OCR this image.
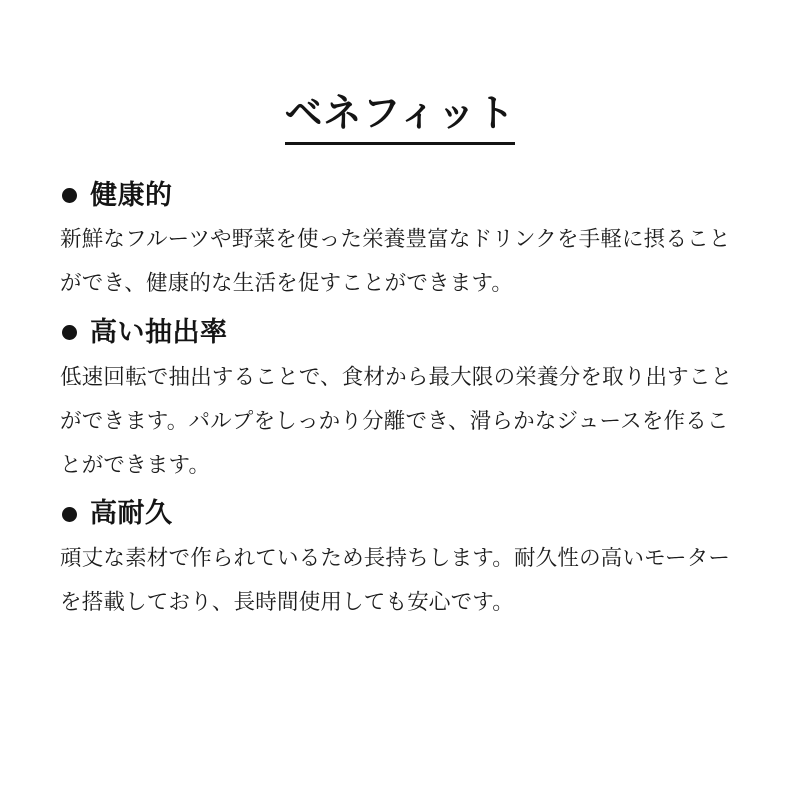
ベネフィット
健康的

新鮮なフルーツや野菜を使った栄養豊富なドリンクを手軽に摂ることができ、健康的な生活を促すことができます。

高い抽出率

低速回転で抽出することで、食材から最大限の栄養分を取り出すことができます。パルプをしっかり分離でき、滑らかなジュースを作ることができます。

高耐久

頑丈な素材で作られているため長持ちします。耐久性の高いモーターを搭載しており、長時間使用しても安心です。
